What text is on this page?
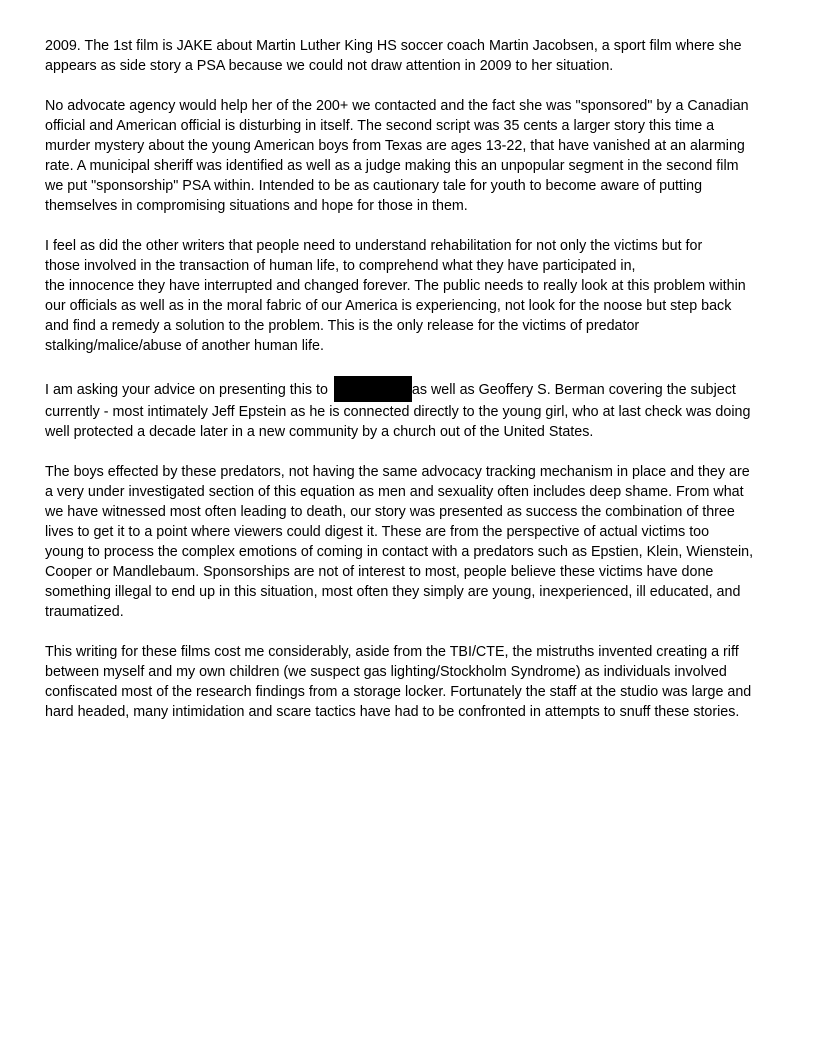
2009. The 1st film is JAKE about Martin Luther King HS soccer coach Martin Jacobsen, a sport film where she
appears as side story a PSA because we could not draw attention in 2009 to her situation.

No advocate agency would help her of the 200+ we contacted and the fact she was "sponsored" by a Canadian
official and American official is disturbing in itself. The second script was 35 cents a larger story this time a
murder mystery about the young American boys from Texas are ages 13-22, that have vanished at an alarming
rate. A municipal sheriff was identified as well as a judge making this an unpopular segment in the second film
we put "sponsorship" PSA within. Intended to be as cautionary tale for youth to become aware of putting
themselves in compromising situations and hope for those in them.

I feel as did the other writers that people need to understand rehabilitation for not only the victims but for
those involved in the transaction of human life, to comprehend what they have participated in,
the innocence they have interrupted and changed forever. The public needs to really look at this problem within
our officials as well as in the moral fabric of our America is experiencing, not look for the noose but step back
and find a remedy a solution to the problem. This is the only release for the victims of predator
stalking/malice/abuse of another human life.

I am asking your advice on presenting this to	as well as Geoffery S. Berman covering the subject
currently - most intimately Jeff Epstein as he is connected directly to the young girl, who at last check was doing
well protected a decade later in a new community by a church out of the United States.

The boys effected by these predators, not having the same advocacy tracking mechanism in place and they are
a very under investigated section of this equation as men and sexuality often includes deep shame. From what
we have witnessed most often leading to death, our story was presented as success the combination of three
lives to get it to a point where viewers could digest it. These are from the perspective of actual victims too
young to process the complex emotions of coming in contact with a predators such as Epstien, Klein, Wienstein,
Cooper or Mandlebaum. Sponsorships are not of interest to most, people believe these victims have done
something illegal to end up in this situation, most often they simply are young, inexperienced, ill educated, and
traumatized.

This writing for these films cost me considerably, aside from the TBI/CTE, the mistruths invented creating a riff
between myself and my own children (we suspect gas lighting/Stockholm Syndrome) as individuals involved
confiscated most of the research findings from a storage locker. Fortunately the staff at the studio was large and
hard headed, many intimidation and scare tactics have had to be confronted in attempts to snuff these stories.
